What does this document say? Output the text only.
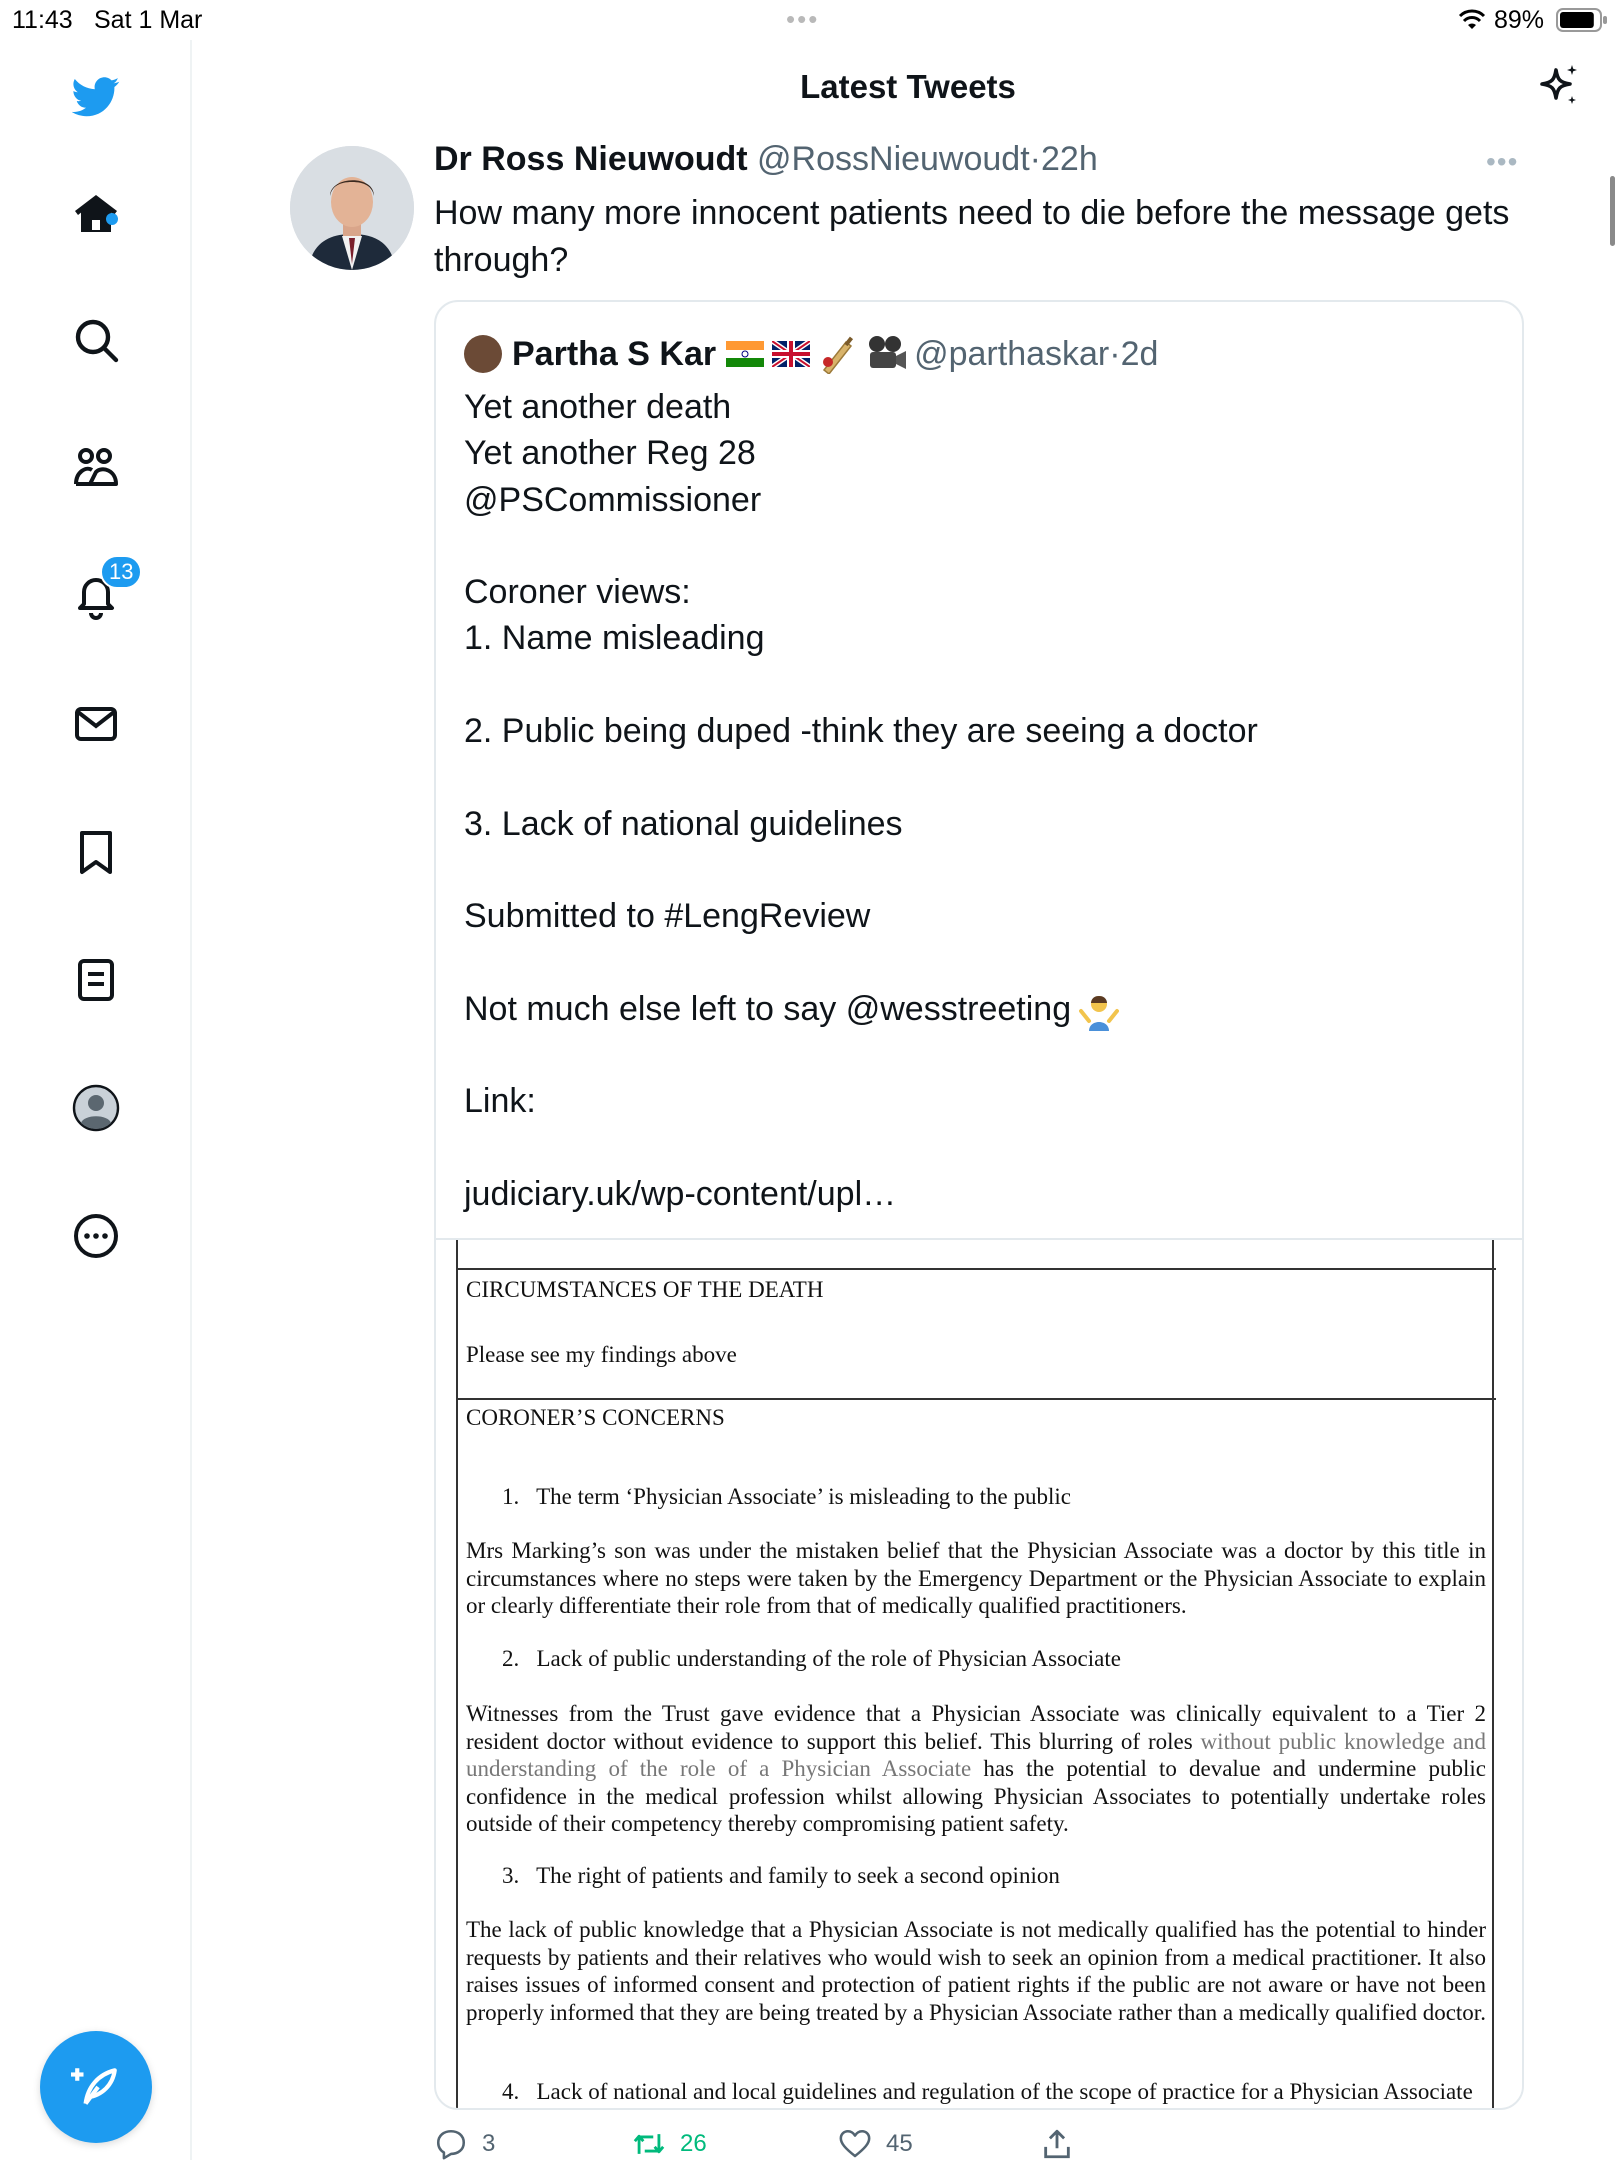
11:43 Sat 1 Mar	•••	89%
13
Latest Tweets
Dr Ross Nieuwoudt @RossNieuwoudt·22h	•••

How many more innocent patients need to die before the message gets through?

Partha S Kar	@parthaskar · 2d

Yet another death

Yet another Reg 28

@PSCommissioner

Coroner views:

1. Name misleading

2. Public being duped -think they are seeing a doctor

3. Lack of national guidelines

Submitted to #LengReview

Not much else left to say @wesstreeting

Link:

judiciary.uk/wp-content/upl…

CIRCUMSTANCES OF THE DEATH
Please see my findings above
CORONER’S CONCERNS
1.   The term ‘Physician Associate’ is misleading to the public
Mrs Marking’s son was under the mistaken belief that the Physician Associate was a doctor by this title in circumstances where no steps were taken by the Emergency Department or the Physician Associate to explain or clearly differentiate their role from that of medically qualified practitioners.
2.   Lack of public understanding of the role of Physician Associate
Witnesses from the Trust gave evidence that a Physician Associate was clinically equivalent to a Tier 2 resident doctor without evidence to support this belief. This blurring of roles without public knowledge and understanding of the role of a Physician Associate has the potential to devalue and undermine public confidence in the medical profession whilst allowing Physician Associates to potentially undertake roles outside of their competency thereby compromising patient safety.
3.   The right of patients and family to seek a second opinion
The lack of public knowledge that a Physician Associate is not medically qualified has the potential to hinder requests by patients and their relatives who would wish to seek an opinion from a medical practitioner. It also raises issues of informed consent and protection of patient rights if the public are not aware or have not been properly informed that they are being treated by a Physician Associate rather than a medically qualified doctor.
4.   Lack of national and local guidelines and regulation of the scope of practice for a Physician Associate
3	26	45
